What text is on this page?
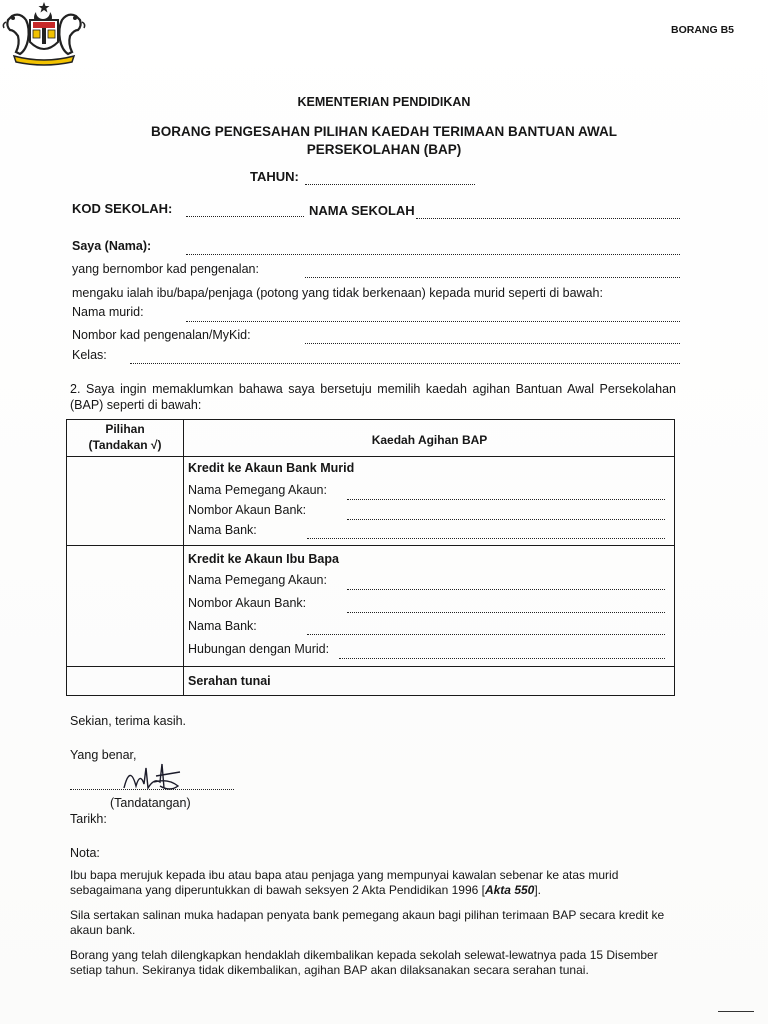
BORANG B5
KEMENTERIAN PENDIDIKAN
BORANG PENGESAHAN PILIHAN KAEDAH TERIMAAN BANTUAN AWAL
PERSEKOLAHAN (BAP)
TAHUN:
KOD SEKOLAH:	NAMA SEKOLAH
Saya (Nama):
yang bernombor kad pengenalan:
mengaku ialah ibu/bapa/penjaga (potong yang tidak berkenaan) kepada murid seperti di bawah:
Nama murid:
Nombor kad pengenalan/MyKid:
Kelas:
2. Saya ingin memaklumkan bahawa saya bersetuju memilih kaedah agihan Bantuan Awal Persekolahan (BAP) seperti di bawah:
Pilihan
(Tandakan √)	Kaedah Agihan BAP
Kredit ke Akaun Bank Murid
Nama Pemegang Akaun:
Nombor Akaun Bank:
Nama Bank:
Kredit ke Akaun Ibu Bapa
Nama Pemegang Akaun:
Nombor Akaun Bank:
Nama Bank:
Hubungan dengan Murid:
Serahan tunai
Sekian, terima kasih.
Yang benar,
(Tandatangan)
Tarikh:
Nota:
Ibu bapa merujuk kepada ibu atau bapa atau penjaga yang mempunyai kawalan sebenar ke atas murid sebagaimana yang diperuntukkan di bawah seksyen 2 Akta Pendidikan 1996 [Akta 550].
Sila sertakan salinan muka hadapan penyata bank pemegang akaun bagi pilihan terimaan BAP secara kredit ke akaun bank.
Borang yang telah dilengkapkan hendaklah dikembalikan kepada sekolah selewat-lewatnya pada 15 Disember setiap tahun. Sekiranya tidak dikembalikan, agihan BAP akan dilaksanakan secara serahan tunai.
